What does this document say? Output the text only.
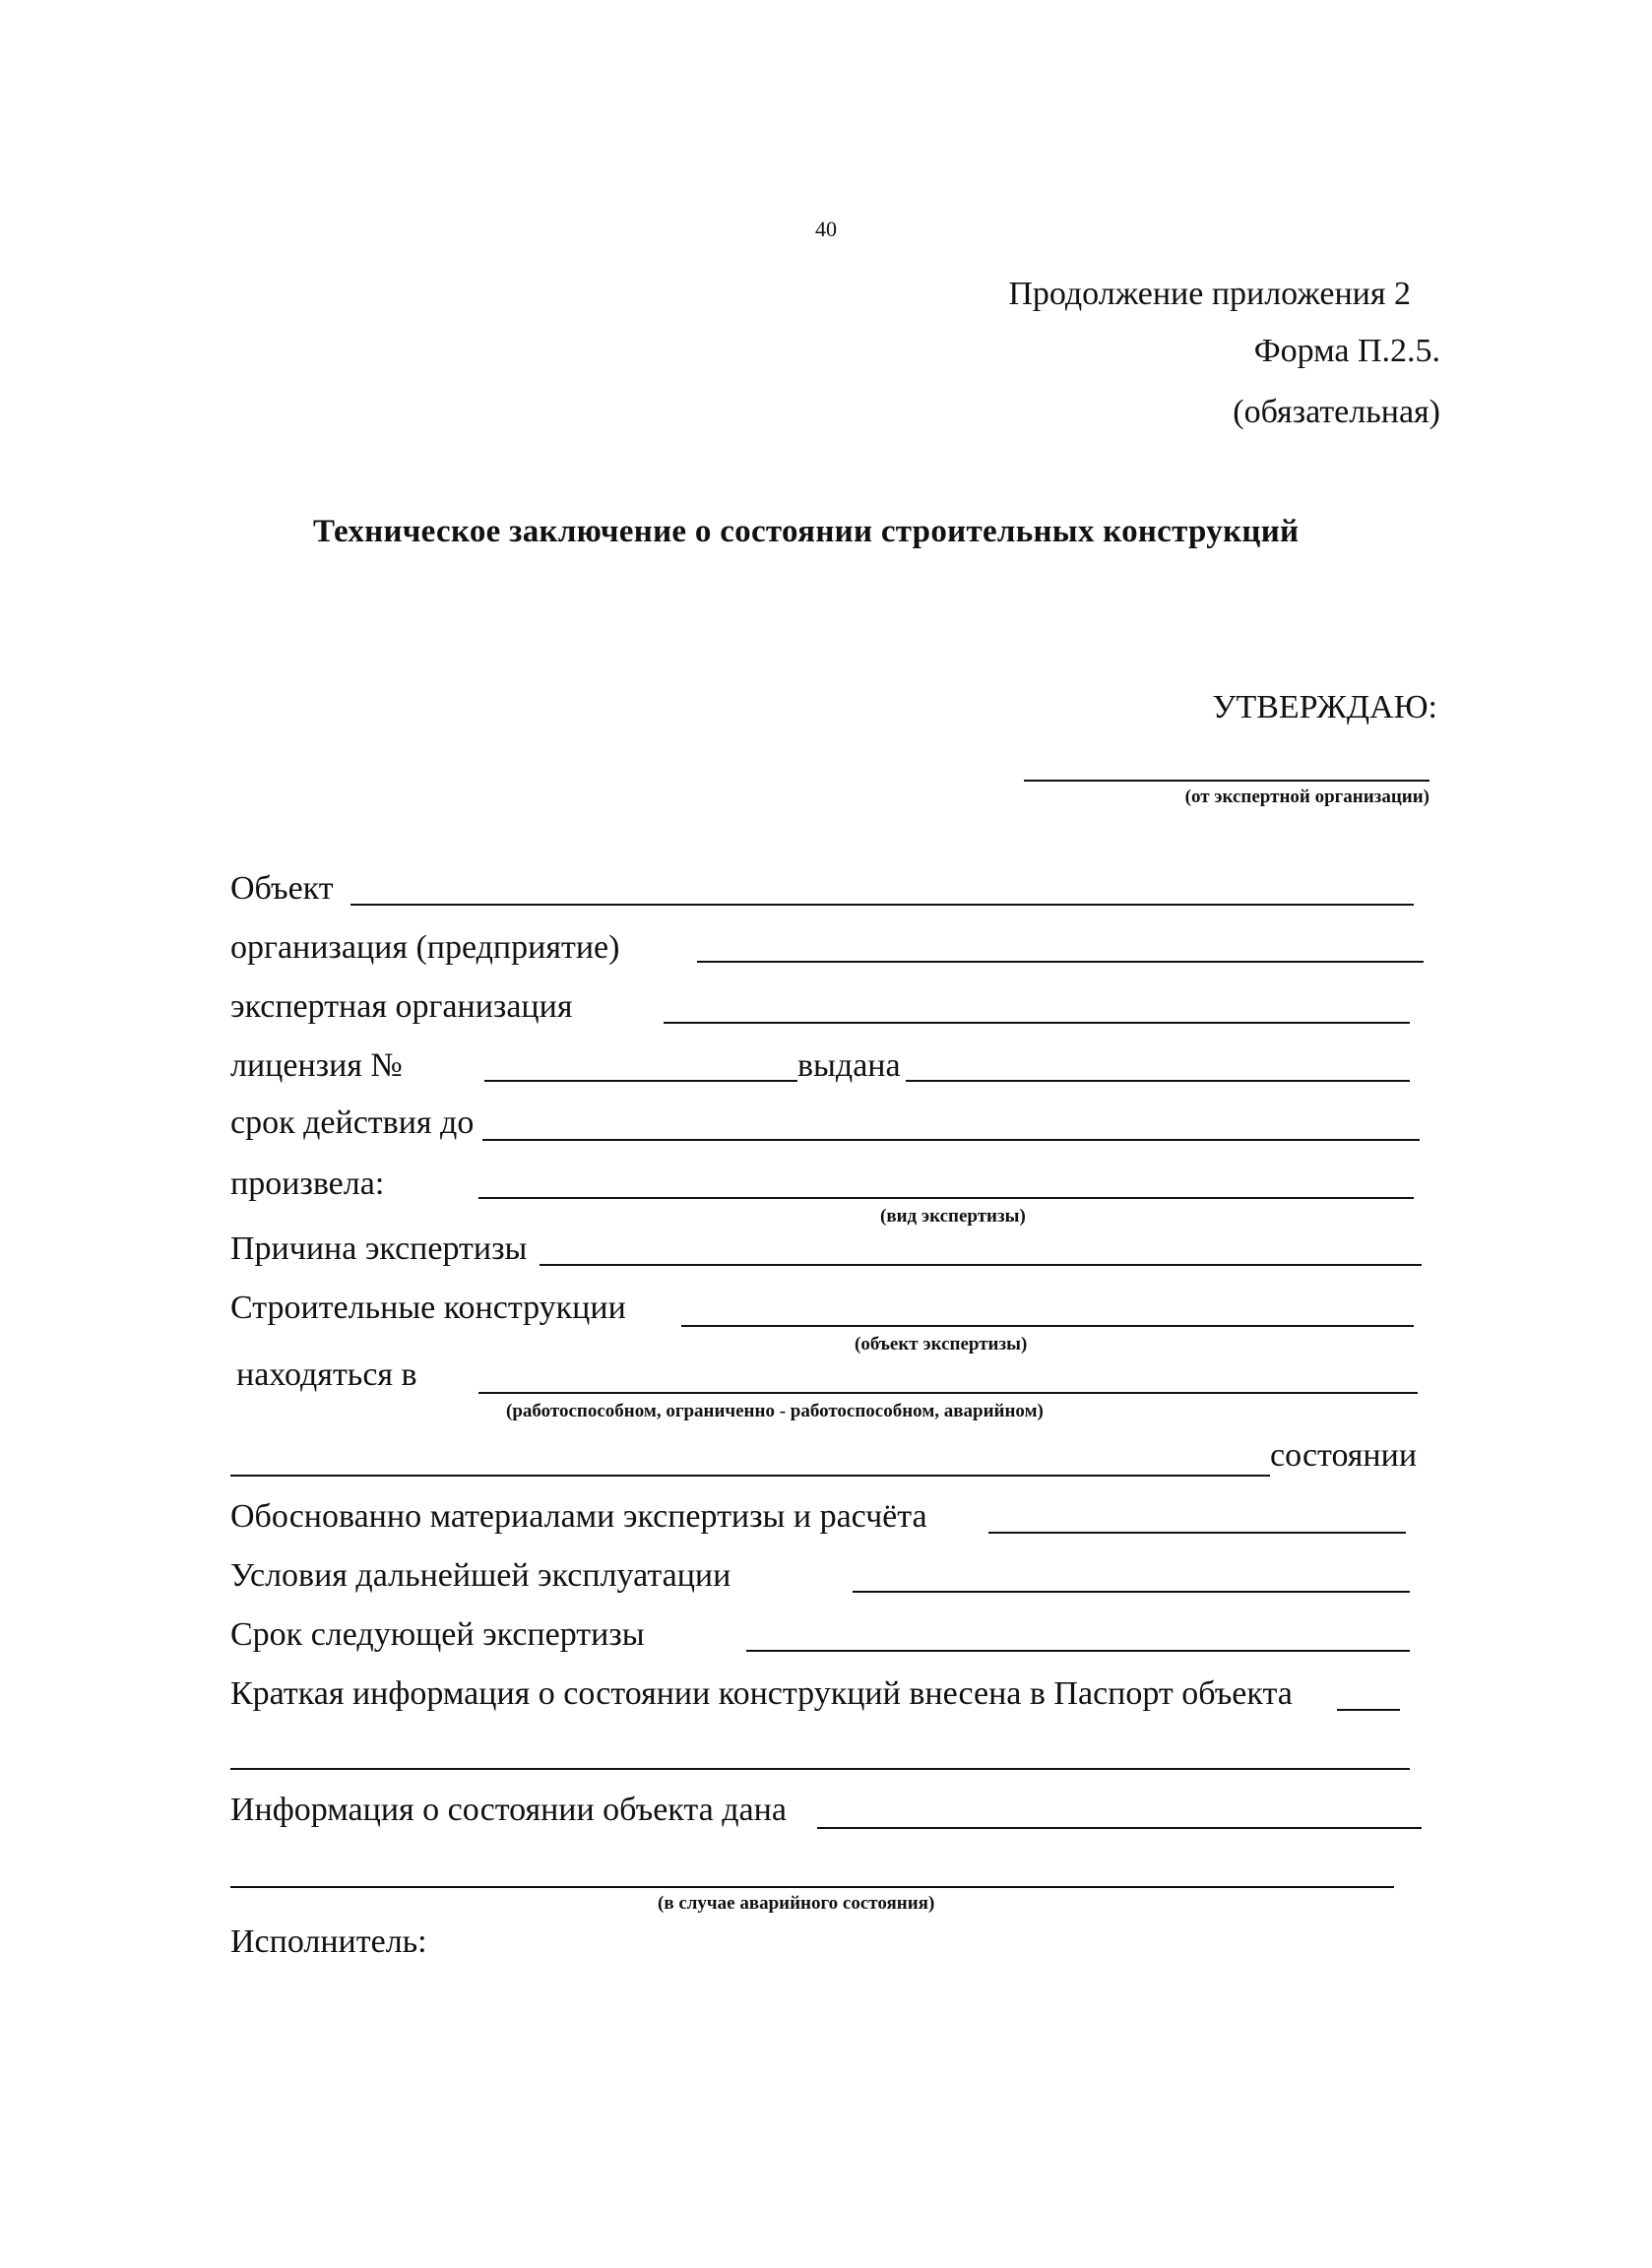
40
Продолжение приложения 2
Форма П.2.5.
(обязательная)
Техническое заключение о состоянии строительных конструкций
УТВЕРЖДАЮ:
(от экспертной организации)
Объект
организация (предприятие)
экспертная организация
лицензия №	выдана
срок действия до
произвела:
(вид экспертизы)
Причина экспертизы
Строительные конструкции
(объект экспертизы)
находяться в
(работоспособном, ограниченно - работоспособном, аварийном)
состоянии
Обоснованно материалами экспертизы и расчёта
Условия дальнейшей эксплуатации
Срок следующей экспертизы
Краткая информация о состоянии конструкций внесена в Паспорт объекта
Информация о состоянии объекта дана
(в случае аварийного состояния)
Исполнитель:
